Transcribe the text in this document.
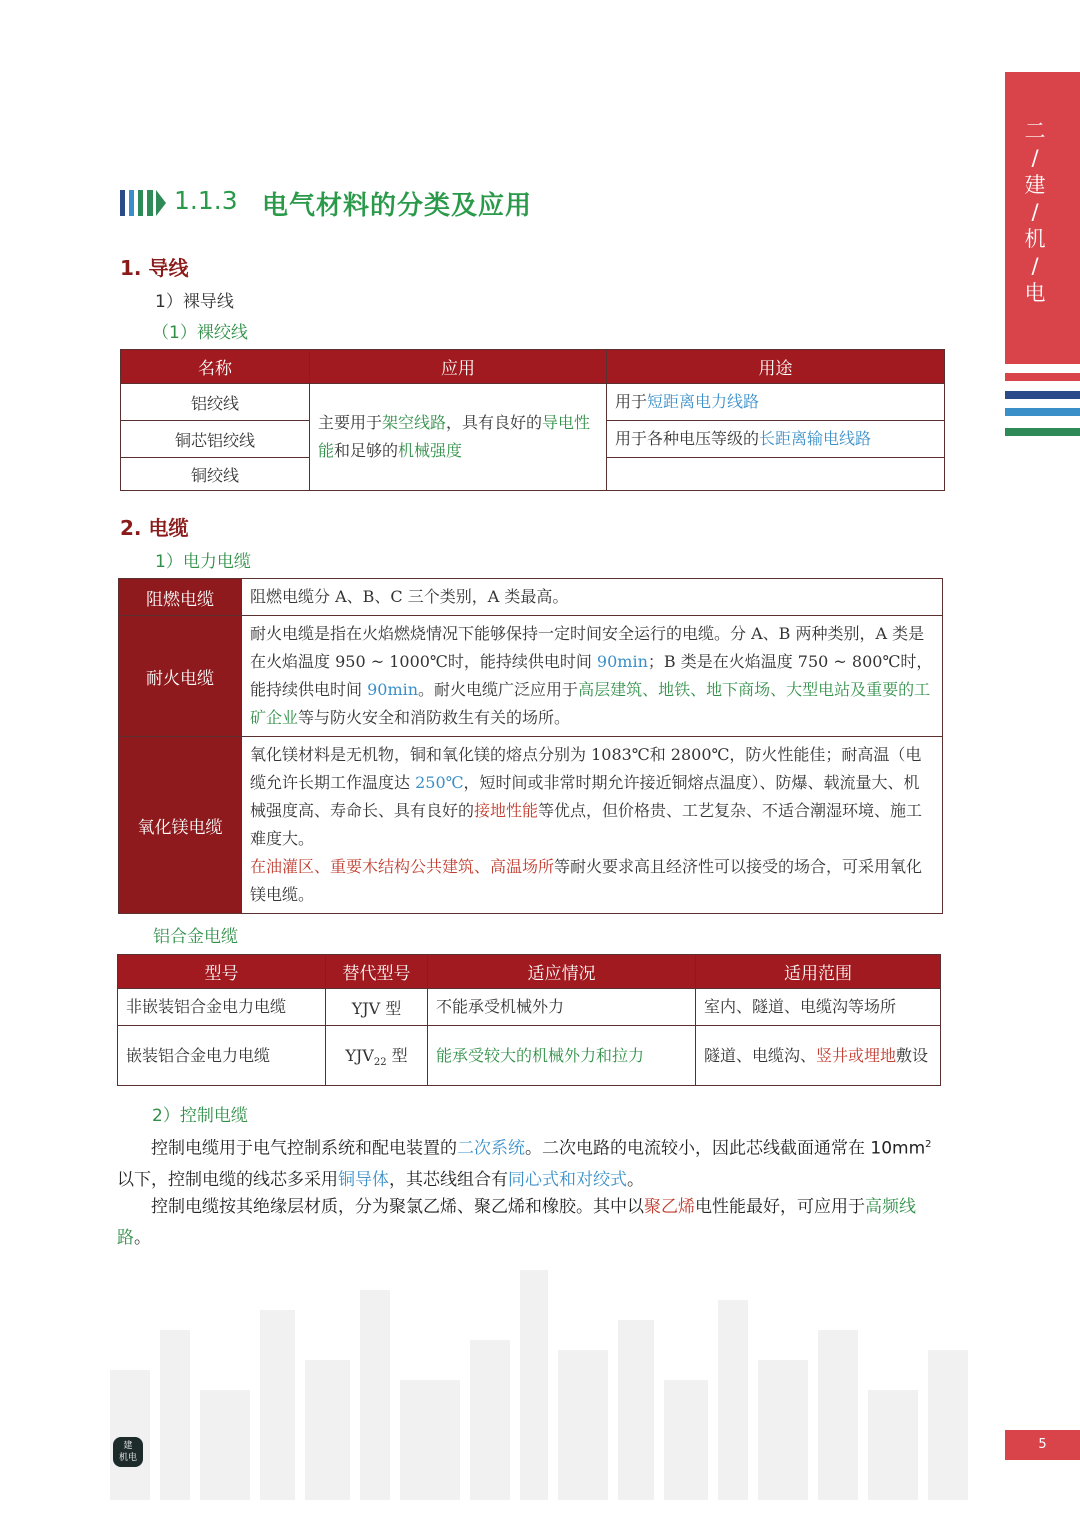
二
/
建
/
机
/
电
1.1.3 电气材料的分类及应用
1. 导线
1）裸导线
（1）裸绞线
名称	应用	用途
铝绞线	主要用于架空线路，具有良好的导电性能和足够的机械强度	用于短距离电力线路
铜芯铝绞线		用于各种电压等级的长距离输电线路
铜绞线		
2. 电缆
1）电力电缆
阻燃电缆	阻燃电缆分 A、B、C 三个类别，A 类最高。
耐火电缆	耐火电缆是指在火焰燃烧情况下能够保持一定时间安全运行的电缆。分 A、B 两种类别，A 类是在火焰温度 950 ~ 1000℃时，能持续供电时间 90min；B 类是在火焰温度 750 ~ 800℃时，能持续供电时间 90min。耐火电缆广泛应用于高层建筑、地铁、地下商场、大型电站及重要的工矿企业等与防火安全和消防救生有关的场所。
氧化镁电缆	氧化镁材料是无机物，铜和氧化镁的熔点分别为 1083℃和 2800℃，防火性能佳；耐高温（电缆允许长期工作温度达 250℃，短时间或非常时期允许接近铜熔点温度）、防爆、载流量大、机械强度高、寿命长、具有良好的接地性能等优点，但价格贵、工艺复杂、不适合潮湿环境、施工难度大。
在油灌区、重要木结构公共建筑、高温场所等耐火要求高且经济性可以接受的场合，可采用氧化镁电缆。
铝合金电缆
型号	替代型号	适应情况	适用范围
非嵌装铝合金电力电缆	YJV 型	不能承受机械外力	室内、隧道、电缆沟等场所
嵌装铝合金电力电缆	$YJV_{22}$ 型	能承受较大的机械外力和拉力	隧道、电缆沟、竖井或埋地敷设
2）控制电缆
控制电缆用于电气控制系统和配电装置的二次系统。二次电路的电流较小，因此芯线截面通常在 $10mm^2$ 以下，控制电缆的线芯多采用铜导体，其芯线组合有同心式和对绞式。
控制电缆按其绝缘层材质，分为聚氯乙烯、聚乙烯和橡胶。其中以聚乙烯电性能最好，可应用于高频线路。
建
机电
5
